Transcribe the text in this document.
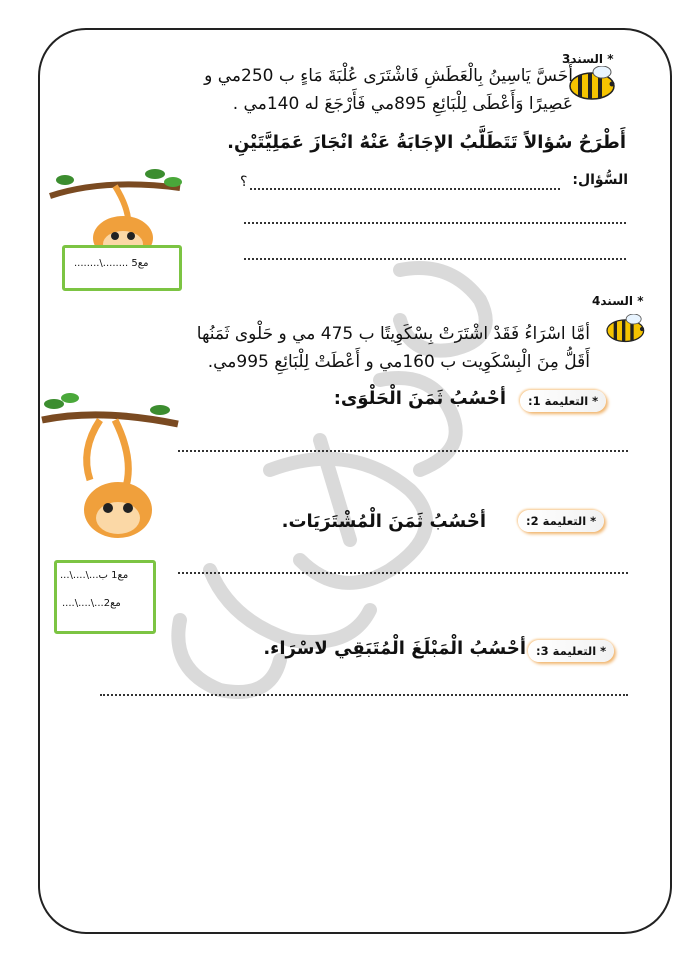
* السند3
أَحَسَّ يَاسِينُ بِالْعَطَشِ فَاشْتَرَى عُلْبَةَ مَاءٍ ب 250مي و
عَصِيرًا وَأَعْطَى لِلْبَائِعِ 895مي فَأَرْجَعَ له 140مي .
أَطْرَحُ سُؤالاً تَتَطَلَّبُ الإجَابَةُ عَنْهُ انْجَازَ عَمَلِيَّتَيْنِ.
السُّؤال:
؟
مع5 ........\........
* السند4
أمَّا اسْرَاءُ فَقَدْ اشْتَرَتْ بِسْكَوِيتًا ب 475 مي و حَلْوى ثَمَنُها
أَقَلُّ مِنَ الْبِسْكَوِيت ب 160مي و أَعْطَتْ لِلْبَائِعِ 995مي.
* التعليمة 1:
أحْسُبُ ثَمَنَ الْحَلْوَى:
* التعليمة 2:
أحْسُبُ ثَمَنَ الْمُشْتَرَيَات.
* التعليمة 3:
أحْسُبُ الْمَبْلَغَ الْمُتَبَقِي لاسْرَاء.
مع1 ب...\....\...
مع2...\....\....
